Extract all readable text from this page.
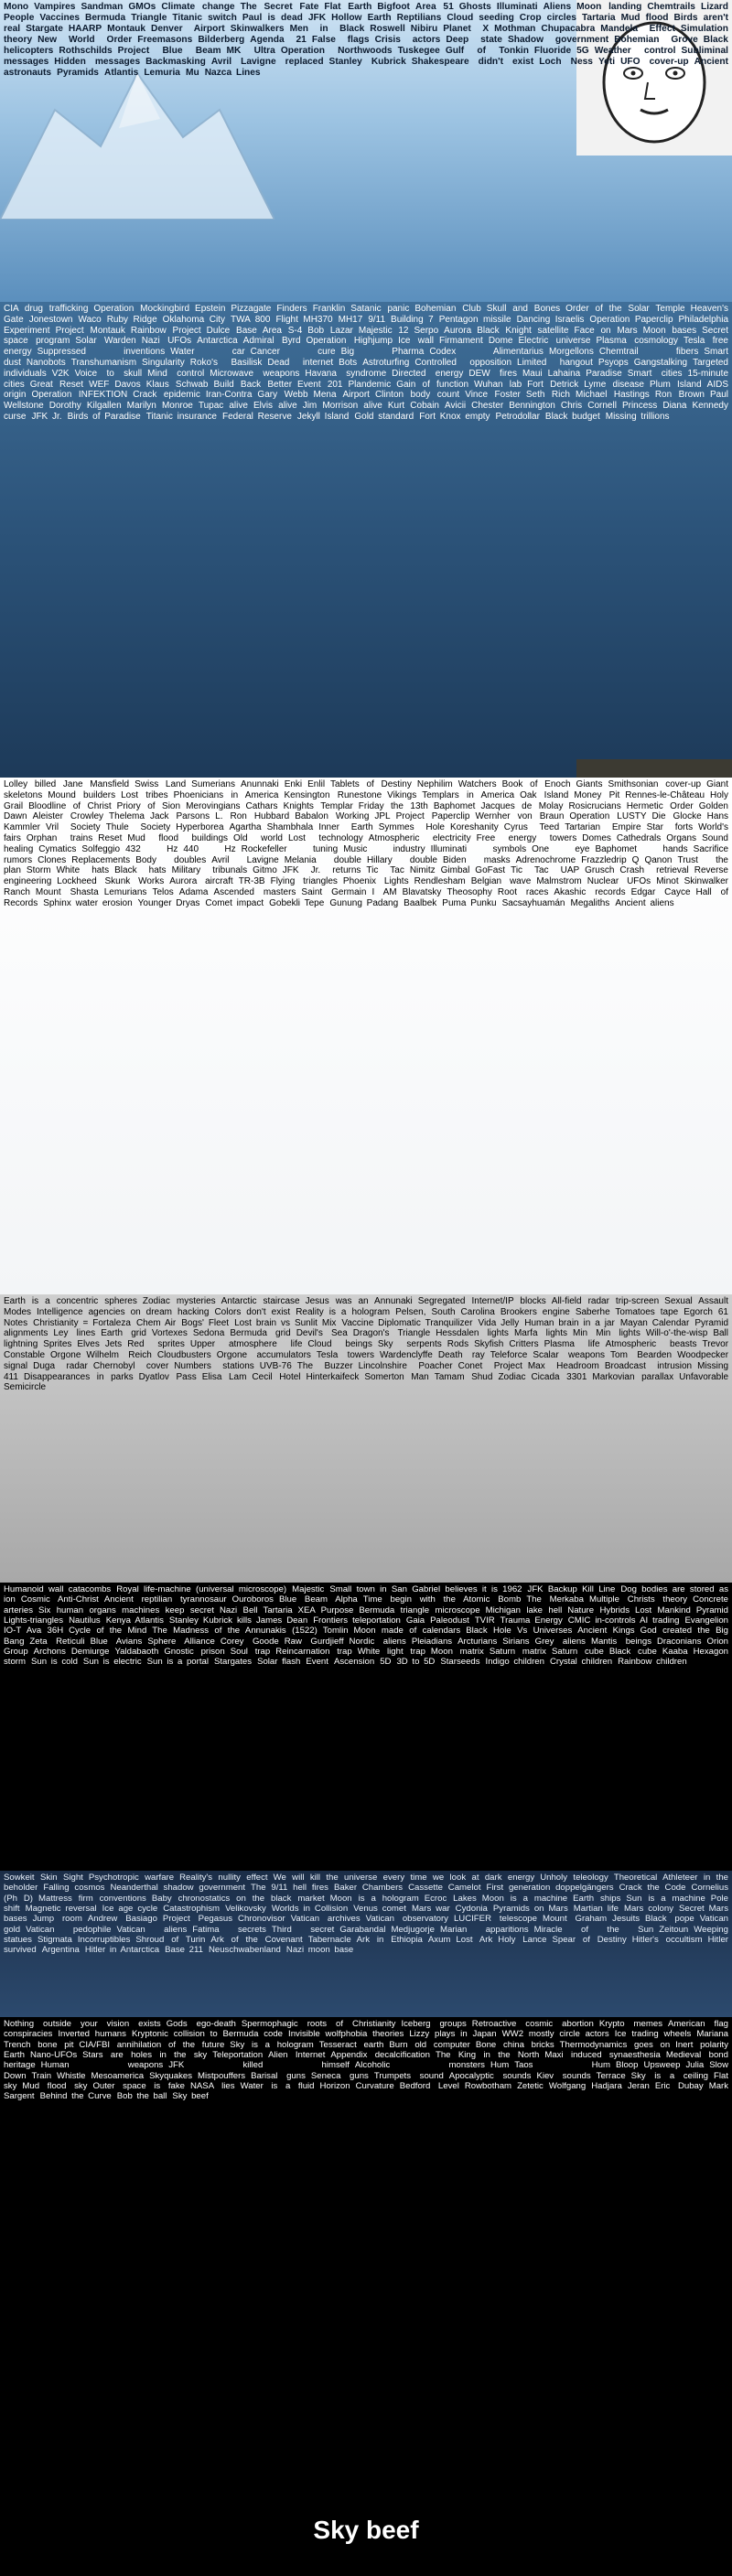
Mono Vampires Sandman GMOs Climate change The Secret Fate Flat Earth Bigfoot Area 51 Ghosts Illuminati Aliens Moon landing Chemtrails Lizard People Vaccines Bermuda Triangle Titanic switch Paul is dead JFK Hollow Earth Reptilians Cloud seeding Crop circles Tartaria Mud flood Birds aren't real Stargate HAARP Montauk Denver Airport Skinwalkers Men in Black Roswell Nibiru Planet X Mothman Chupacabra Mandela Effect Simulation theory New World Order Freemasons Bilderberg Agenda 21 False flags Crisis actors Deep state Shadow government Bohemian Grove Black helicopters Rothschilds Project Blue Beam MK Ultra Operation Northwoods Tuskegee Gulf of Tonkin Fluoride 5G Weather control Subliminal messages Hidden messages Backmasking Avril Lavigne replaced Stanley Kubrick Shakespeare didn't exist Loch Ness Yeti UFO cover-up Ancient astronauts Pyramids Atlantis Lemuria Mu Nazca Lines
CIA drug trafficking Operation Mockingbird Epstein Pizzagate Finders Franklin Satanic panic Bohemian Club Skull and Bones Order of the Solar Temple Heaven's Gate Jonestown Waco Ruby Ridge Oklahoma City TWA 800 Flight MH370 MH17 9/11 Building 7 Pentagon missile Dancing Israelis Operation Paperclip Philadelphia Experiment Project Montauk Rainbow Project Dulce Base Area S-4 Bob Lazar Majestic 12 Serpo Aurora Black Knight satellite Face on Mars Moon bases Secret space program Solar Warden Nazi UFOs Antarctica Admiral Byrd Operation Highjump Ice wall Firmament Dome Electric universe Plasma cosmology Tesla free energy Suppressed inventions Water car Cancer cure Big Pharma Codex Alimentarius Morgellons Chemtrail fibers Smart dust Nanobots Transhumanism Singularity Roko's Basilisk Dead internet Bots Astroturfing Controlled opposition Limited hangout Psyops Gangstalking Targeted individuals V2K Voice to skull Mind control Microwave weapons Havana syndrome Directed energy DEW fires Maui Lahaina Paradise Smart cities 15-minute cities Great Reset WEF Davos Klaus Schwab Build Back Better Event 201 Plandemic Gain of function Wuhan lab Fort Detrick Lyme disease Plum Island AIDS origin Operation INFEKTION Crack epidemic Iran-Contra Gary Webb Mena Airport Clinton body count Vince Foster Seth Rich Michael Hastings Ron Brown Paul Wellstone Dorothy Kilgallen Marilyn Monroe Tupac alive Elvis alive Jim Morrison alive Kurt Cobain Avicii Chester Bennington Chris Cornell Princess Diana Kennedy curse JFK Jr. Birds of Paradise Titanic insurance Federal Reserve Jekyll Island Gold standard Fort Knox empty Petrodollar Black budget Missing trillions
Lolley billed Jane Mansfield Swiss Land Sumerians Anunnaki Enki Enlil Tablets of Destiny Nephilim Watchers Book of Enoch Giants Smithsonian cover-up Giant skeletons Mound builders Lost tribes Phoenicians in America Kensington Runestone Vikings Templars in America Oak Island Money Pit Rennes-le-Château Holy Grail Bloodline of Christ Priory of Sion Merovingians Cathars Knights Templar Friday the 13th Baphomet Jacques de Molay Rosicrucians Hermetic Order Golden Dawn Aleister Crowley Thelema Jack Parsons L. Ron Hubbard Babalon Working JPL Project Paperclip Wernher von Braun Operation LUSTY Die Glocke Hans Kammler Vril Society Thule Society Hyperborea Agartha Shambhala Inner Earth Symmes Hole Koreshanity Cyrus Teed Tartarian Empire Star forts World's fairs Orphan trains Reset Mud flood buildings Old world Lost technology Atmospheric electricity Free energy towers Domes Cathedrals Organs Sound healing Cymatics Solfeggio 432 Hz 440 Hz Rockefeller tuning Music industry Illuminati symbols One eye Baphomet hands Sacrifice rumors Clones Replacements Body doubles Avril Lavigne Melania double Hillary double Biden masks Adrenochrome Frazzledrip Q Qanon Trust the plan Storm White hats Black hats Military tribunals Gitmo JFK Jr. returns Tic Tac Nimitz Gimbal GoFast Tic Tac UAP Grusch Crash retrieval Reverse engineering Lockheed Skunk Works Aurora aircraft TR-3B Flying triangles Phoenix Lights Rendlesham Belgian wave Malmstrom Nuclear UFOs Minot Skinwalker Ranch Mount Shasta Lemurians Telos Adama Ascended masters Saint Germain I AM Blavatsky Theosophy Root races Akashic records Edgar Cayce Hall of Records Sphinx water erosion Younger Dryas Comet impact Gobekli Tepe Gunung Padang Baalbek Puma Punku Sacsayhuamán Megaliths Ancient aliens
Earth is a concentric spheres Zodiac mysteries Antarctic staircase Jesus was an Annunaki Segregated Internet/IP blocks All-field radar trip-screen Sexual Assault Modes Intelligence agencies on dream hacking Colors don't exist Reality is a hologram Pelsen, South Carolina Brookers engine Saberhe Tomatoes tape Egorch 61 Notes Christianity = Fortaleza Chem Air Bogs' Fleet Lost brain vs Sunlit Mix Vaccine Diplomatic Tranquilizer Vida Jelly Human brain in a jar Mayan Calendar Pyramid alignments Ley lines Earth grid Vortexes Sedona Bermuda grid Devil's Sea Dragon's Triangle Hessdalen lights Marfa lights Min Min lights Will-o'-the-wisp Ball lightning Sprites Elves Jets Red sprites Upper atmosphere life Cloud beings Sky serpents Rods Skyfish Critters Plasma life Atmospheric beasts Trevor Constable Orgone Wilhelm Reich Cloudbusters Orgone accumulators Tesla towers Wardenclyffe Death ray Teleforce Scalar weapons Tom Bearden Woodpecker signal Duga radar Chernobyl cover Numbers stations UVB-76 The Buzzer Lincolnshire Poacher Conet Project Max Headroom Broadcast intrusion Missing 411 Disappearances in parks Dyatlov Pass Elisa Lam Cecil Hotel Hinterkaifeck Somerton Man Tamam Shud Zodiac Cicada 3301 Markovian parallax Unfavorable Semicircle
Humanoid wall catacombs Royal life-machine (universal microscope) Majestic Small town in San Gabriel believes it is 1962 JFK Backup Kill Line Dog bodies are stored as ion Cosmic Anti-Christ Ancient reptilian tyrannosaur Ouroboros Blue Beam Alpha Time begin with the Atomic Bomb The Merkaba Multiple Christs theory Concrete arteries Six human organs machines keep secret Nazi Bell Tartaria XEA Purpose Bermuda triangle microscope Michigan lake hell Nature Hybrids Lost Mankind Pyramid Lights-triangles Nautilus Kenya Atlantis Stanley Kubrick kills James Dean Frontiers teleportation Gaia Paleodust TVIR Trauma Energy CMIC in-controls AI trading Evangelion IO-T Ava 36H Cycle of the Mind The Madness of the Annunakis (1522) Tomlin Moon made of calendars Black Hole Vs Universes Ancient Kings God created the Big Bang Zeta Reticuli Blue Avians Sphere Alliance Corey Goode Raw Gurdjieff Nordic aliens Pleiadians Arcturians Sirians Grey aliens Mantis beings Draconians Orion Group Archons Demiurge Yaldabaoth Gnostic prison Soul trap Reincarnation trap White light trap Moon matrix Saturn matrix Saturn cube Black cube Kaaba Hexagon storm Sun is cold Sun is electric Sun is a portal Stargates Solar flash Event Ascension 5D 3D to 5D Starseeds Indigo children Crystal children Rainbow children
Sowkeit Skin Sight Psychotropic warfare Reality's nullity effect We will kill the universe every time we look at dark energy Unholy teleology Theoretical Athleteer in the beholder Falling cosmos Neanderthal shadow government The 9/11 hell fires Baker Chambers Cassette Camelot First generation doppelgängers Crack the Code Cornelius (Ph D) Mattress firm conventions Baby chronostatics on the black market Moon is a hologram Ecroc Lakes Moon is a machine Earth ships Sun is a machine Pole shift Magnetic reversal Ice age cycle Catastrophism Velikovsky Worlds in Collision Venus comet Mars war Cydonia Pyramids on Mars Martian life Mars colony Secret Mars bases Jump room Andrew Basiago Project Pegasus Chronovisor Vatican archives Vatican observatory LUCIFER telescope Mount Graham Jesuits Black pope Vatican gold Vatican pedophile Vatican aliens Fatima secrets Third secret Garabandal Medjugorje Marian apparitions Miracle of the Sun Zeitoun Weeping statues Stigmata Incorruptibles Shroud of Turin Ark of the Covenant Tabernacle Ark in Ethiopia Axum Lost Ark Holy Lance Spear of Destiny Hitler's occultism Hitler survived Argentina Hitler in Antarctica Base 211 Neuschwabenland Nazi moon base
Nothing outside your vision exists Gods ego-death Spermophagic roots of Christianity Iceberg groups Retroactive cosmic abortion Krypto memes American flag conspiracies Inverted humans Kryptonic collision to Bermuda code Invisible wolfphobia theories Lizzy plays in Japan WW2 mostly circle actors Ice trading wheels Mariana Trench bone pit CIA/FBI annihilation of the future Sky is a hologram Tesseract earth Burn old computer Bone china bricks Thermodynamics goes on Inert polarity Earth Nano-UFOs Stars are holes in the sky Teleportation Alien Internet Appendix decalcification The King in the North Maxi induced synaesthesia Medieval bond heritage Human weapons JFK killed himself Alcoholic monsters Hum Taos Hum Bloop Upsweep Julia Slow Down Train Whistle Mesoamerica Skyquakes Mistpouffers Barisal guns Seneca guns Trumpets sound Apocalyptic sounds Kiev sounds Terrace Sky is a ceiling Flat sky Mud flood sky Outer space is fake NASA lies Water is a fluid Horizon Curvature Bedford Level Rowbotham Zetetic Wolfgang Hadjara Jeran Eric Dubay Mark Sargent Behind the Curve Bob the ball Sky beef
Sky beef
